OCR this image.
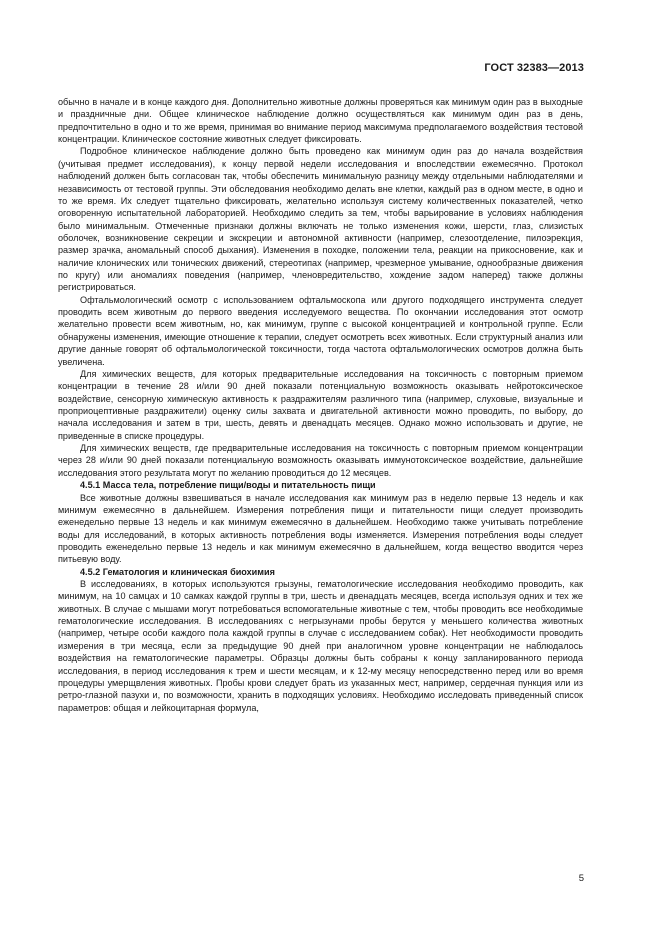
ГОСТ 32383—2013

обычно в начале и в конце каждого дня. Дополнительно животные должны проверяться как минимум один раз в выходные и праздничные дни. Общее клиническое наблюдение должно осуществляться как минимум один раз в день, предпочтительно в одно и то же время, принимая во внимание период максимума предполагаемого воздействия тестовой концентрации. Клиническое состояние животных следует фиксировать.

Подробное клиническое наблюдение должно быть проведено как минимум один раз до начала воздействия (учитывая предмет исследования), к концу первой недели исследования и впоследствии ежемесячно. Протокол наблюдений должен быть согласован так, чтобы обеспечить минимальную разницу между отдельными наблюдателями и независимость от тестовой группы. Эти обследования необходимо делать вне клетки, каждый раз в одном месте, в одно и то же время. Их следует тщательно фиксировать, желательно используя систему количественных показателей, четко оговоренную испытательной лабораторией. Необходимо следить за тем, чтобы варьирование в условиях наблюдения было минимальным. Отмеченные признаки должны включать не только изменения кожи, шерсти, глаз, слизистых оболочек, возникновение секреции и экскреции и автономной активности (например, слезоотделение, пилоэрекция, размер зрачка, аномальный способ дыхания). Изменения в походке, положении тела, реакции на прикосновение, как и наличие клонических или тонических движений, стереотипах (например, чрезмерное умывание, однообразные движения по кругу) или аномалиях поведения (например, членовредительство, хождение задом наперед) также должны регистрироваться.

Офтальмологический осмотр с использованием офтальмоскопа или другого подходящего инструмента следует проводить всем животным до первого введения исследуемого вещества. По окончании исследования этот осмотр желательно провести всем животным, но, как минимум, группе с высокой концентрацией и контрольной группе. Если обнаружены изменения, имеющие отношение к терапии, следует осмотреть всех животных. Если структурный анализ или другие данные говорят об офтальмологической токсичности, тогда частота офтальмологических осмотров должна быть увеличена.

Для химических веществ, для которых предварительные исследования на токсичность с повторным приемом концентрации в течение 28 и/или 90 дней показали потенциальную возможность оказывать нейротоксическое воздействие, сенсорную химическую активность к раздражителям различного типа (например, слуховые, визуальные и проприоцептивные раздражители) оценку силы захвата и двигательной активности можно проводить, по выбору, до начала исследования и затем в три, шесть, девять и двенадцать месяцев. Однако можно использовать и другие, не приведенные в списке процедуры.

Для химических веществ, где предварительные исследования на токсичность с повторным приемом концентрации через 28 и/или 90 дней показали потенциальную возможность оказывать иммунотоксическое воздействие, дальнейшие исследования этого результата могут по желанию проводиться до 12 месяцев.

4.5.1 Масса тела, потребление пищи/воды и питательность пищи

Все животные должны взвешиваться в начале исследования как минимум раз в неделю первые 13 недель и как минимум ежемесячно в дальнейшем. Измерения потребления пищи и питательности пищи следует производить еженедельно первые 13 недель и как минимум ежемесячно в дальнейшем. Необходимо также учитывать потребление воды для исследований, в которых активность потребления воды изменяется. Измерения потребления воды следует проводить еженедельно первые 13 недель и как минимум ежемесячно в дальнейшем, когда вещество вводится через питьевую воду.

4.5.2 Гематология и клиническая биохимия

В исследованиях, в которых используются грызуны, гематологические исследования необходимо проводить, как минимум, на 10 самцах и 10 самках каждой группы в три, шесть и двенадцать месяцев, всегда используя одних и тех же животных. В случае с мышами могут потребоваться вспомогательные животные с тем, чтобы проводить все необходимые гематологические исследования. В исследованиях с негрызунами пробы берутся у меньшего количества животных (например, четыре особи каждого пола каждой группы в случае с исследованием собак). Нет необходимости проводить измерения в три месяца, если за предыдущие 90 дней при аналогичном уровне концентрации не наблюдалось воздействия на гематологические параметры. Образцы должны быть собраны к концу запланированного периода исследования, в период исследования к трем и шести месяцам, и к 12-му месяцу непосредственно перед или во время процедуры умерщвления животных. Пробы крови следует брать из указанных мест, например, сердечная пункция или из ретро-глазной пазухи и, по возможности, хранить в подходящих условиях. Необходимо исследовать приведенный список параметров: общая и лейкоцитарная формула,

5
